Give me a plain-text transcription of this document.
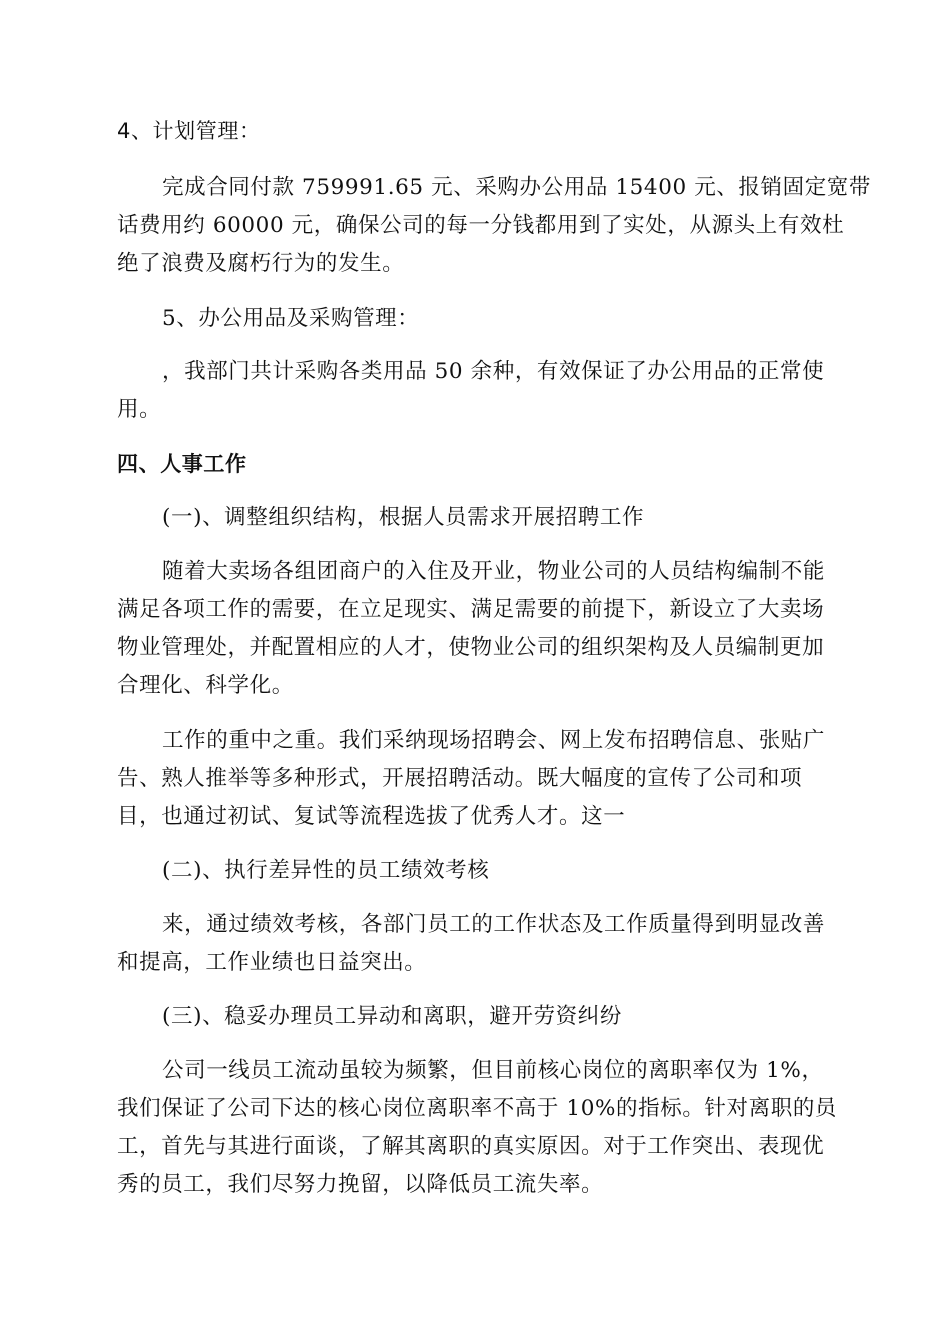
4、计划管理：
完成合同付款 759991.65 元、采购办公用品 15400 元、报销固定宽带
话费用约 60000 元，确保公司的每一分钱都用到了实处，从源头上有效杜
绝了浪费及腐朽行为的发生。
5、办公用品及采购管理：
，我部门共计采购各类用品 50 余种，有效保证了办公用品的正常使
用。
四、人事工作
(一)、调整组织结构，根据人员需求开展招聘工作
随着大卖场各组团商户的入住及开业，物业公司的人员结构编制不能
满足各项工作的需要，在立足现实、满足需要的前提下，新设立了大卖场
物业管理处，并配置相应的人才，使物业公司的组织架构及人员编制更加
合理化、科学化。
工作的重中之重。我们采纳现场招聘会、网上发布招聘信息、张贴广
告、熟人推举等多种形式，开展招聘活动。既大幅度的宣传了公司和项
目，也通过初试、复试等流程选拔了优秀人才。这一
(二)、执行差异性的员工绩效考核
来，通过绩效考核，各部门员工的工作状态及工作质量得到明显改善
和提高，工作业绩也日益突出。
(三)、稳妥办理员工异动和离职，避开劳资纠纷
公司一线员工流动虽较为频繁，但目前核心岗位的离职率仅为 1%，
我们保证了公司下达的核心岗位离职率不高于 10%的指标。针对离职的员
工，首先与其进行面谈，了解其离职的真实原因。对于工作突出、表现优
秀的员工，我们尽努力挽留，以降低员工流失率。
